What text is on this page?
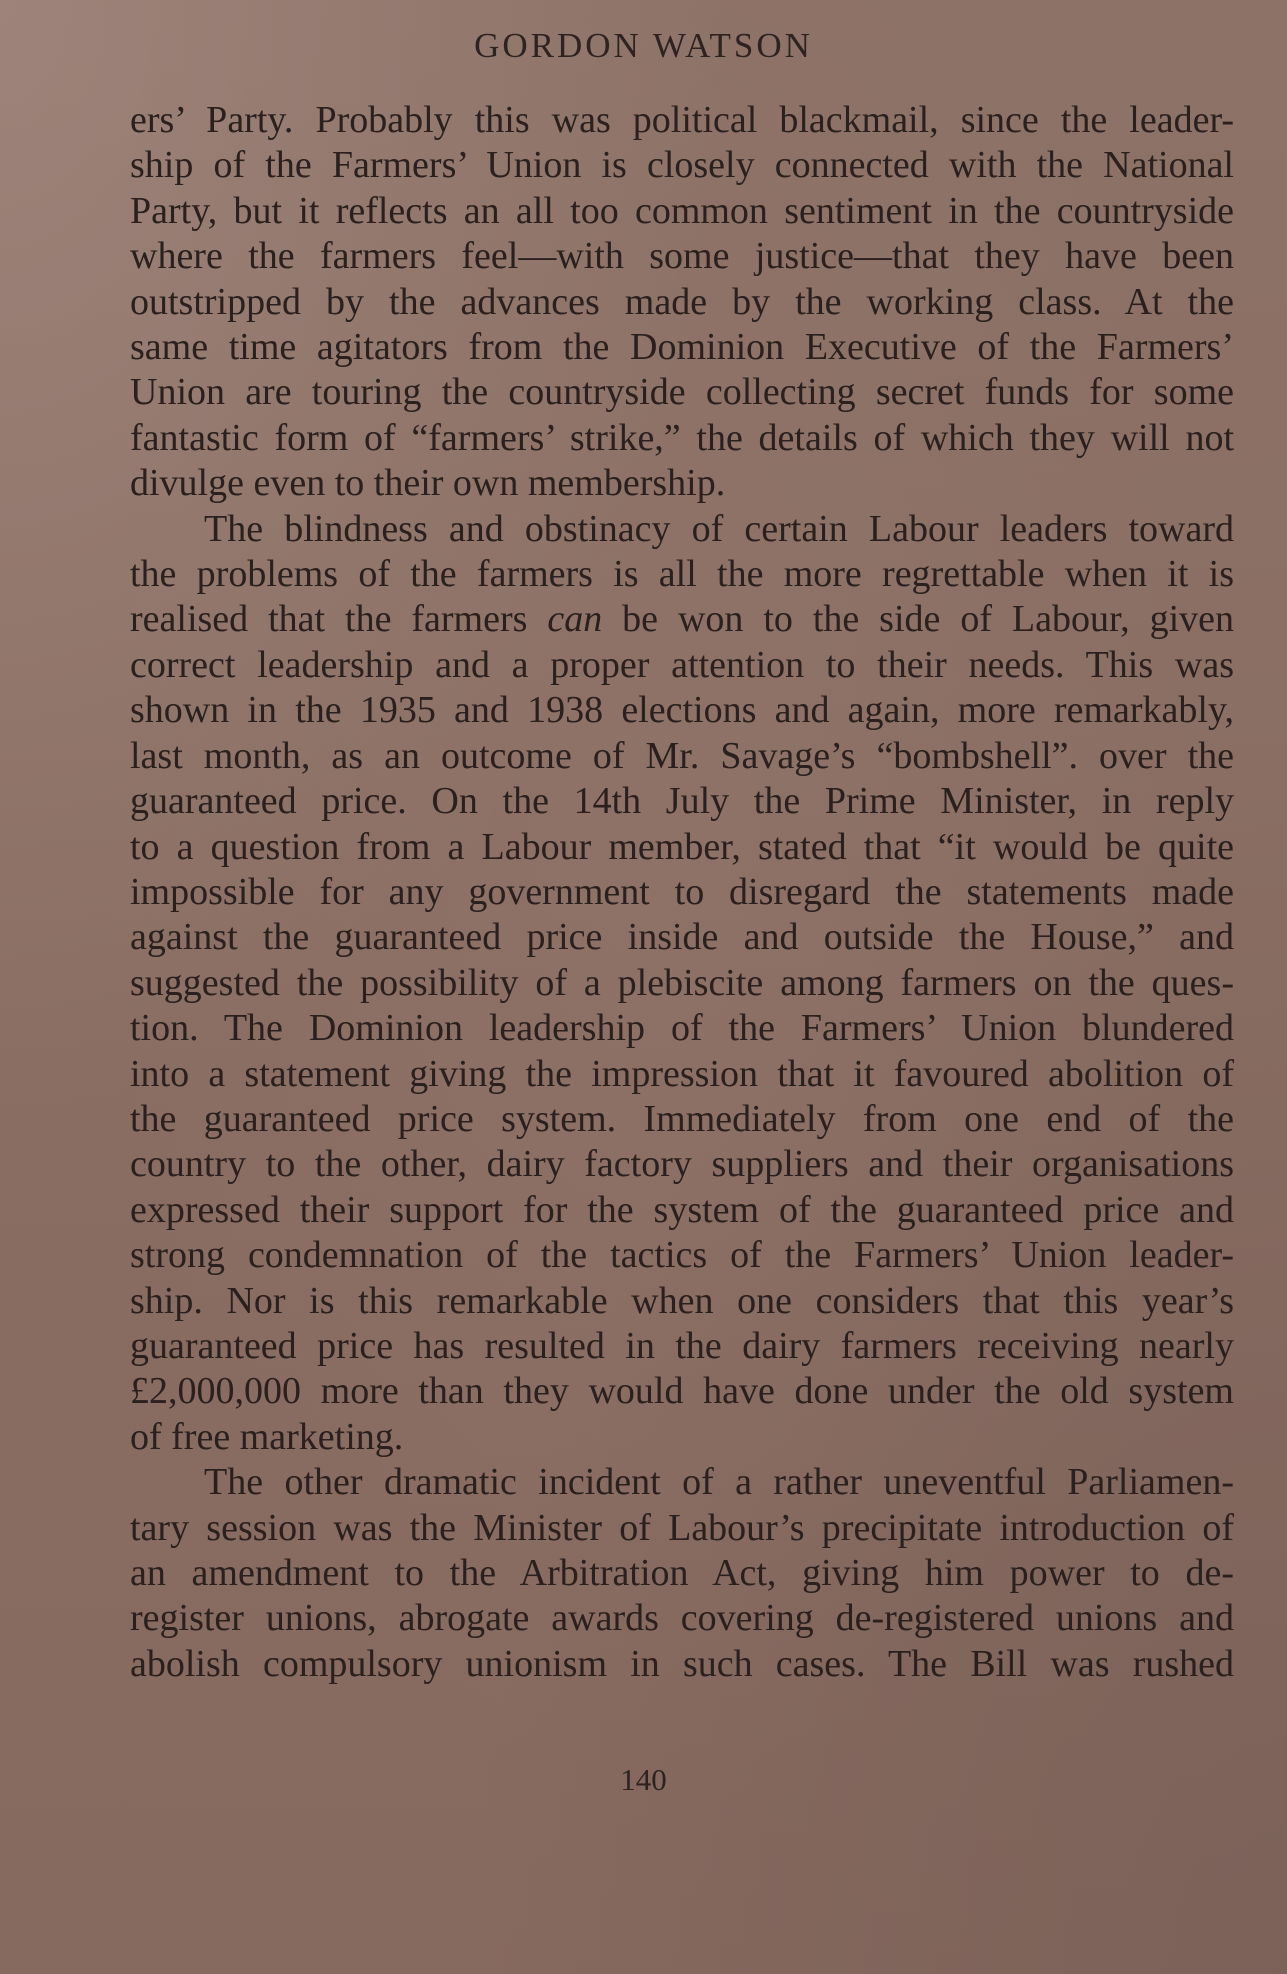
GORDON WATSON
ers’ Party. Probably this was political blackmail, since the leader-
ship of the Farmers’ Union is closely connected with the National
Party, but it reflects an all too common sentiment in the countryside
where the farmers feel—with some justice—that they have been
outstripped by the advances made by the working class. At the
same time agitators from the Dominion Executive of the Farmers’
Union are touring the countryside collecting secret funds for some
fantastic form of “farmers’ strike,” the details of which they will not
divulge even to their own membership.
The blindness and obstinacy of certain Labour leaders toward
the problems of the farmers is all the more regrettable when it is
realised that the farmers can be won to the side of Labour, given
correct leadership and a proper attention to their needs. This was
shown in the 1935 and 1938 elections and again, more remarkably,
last month, as an outcome of Mr. Savage’s “bombshell”. over the
guaranteed price. On the 14th July the Prime Minister, in reply
to a question from a Labour member, stated that “it would be quite
impossible for any government to disregard the statements made
against the guaranteed price inside and outside the House,” and
suggested the possibility of a plebiscite among farmers on the ques-
tion. The Dominion leadership of the Farmers’ Union blundered
into a statement giving the impression that it favoured abolition of
the guaranteed price system. Immediately from one end of the
country to the other, dairy factory suppliers and their organisations
expressed their support for the system of the guaranteed price and
strong condemnation of the tactics of the Farmers’ Union leader-
ship. Nor is this remarkable when one considers that this year’s
guaranteed price has resulted in the dairy farmers receiving nearly
£2,000,000 more than they would have done under the old system
of free marketing.
The other dramatic incident of a rather uneventful Parliamen-
tary session was the Minister of Labour’s precipitate introduction of
an amendment to the Arbitration Act, giving him power to de-
register unions, abrogate awards covering de-registered unions and
abolish compulsory unionism in such cases. The Bill was rushed
140
